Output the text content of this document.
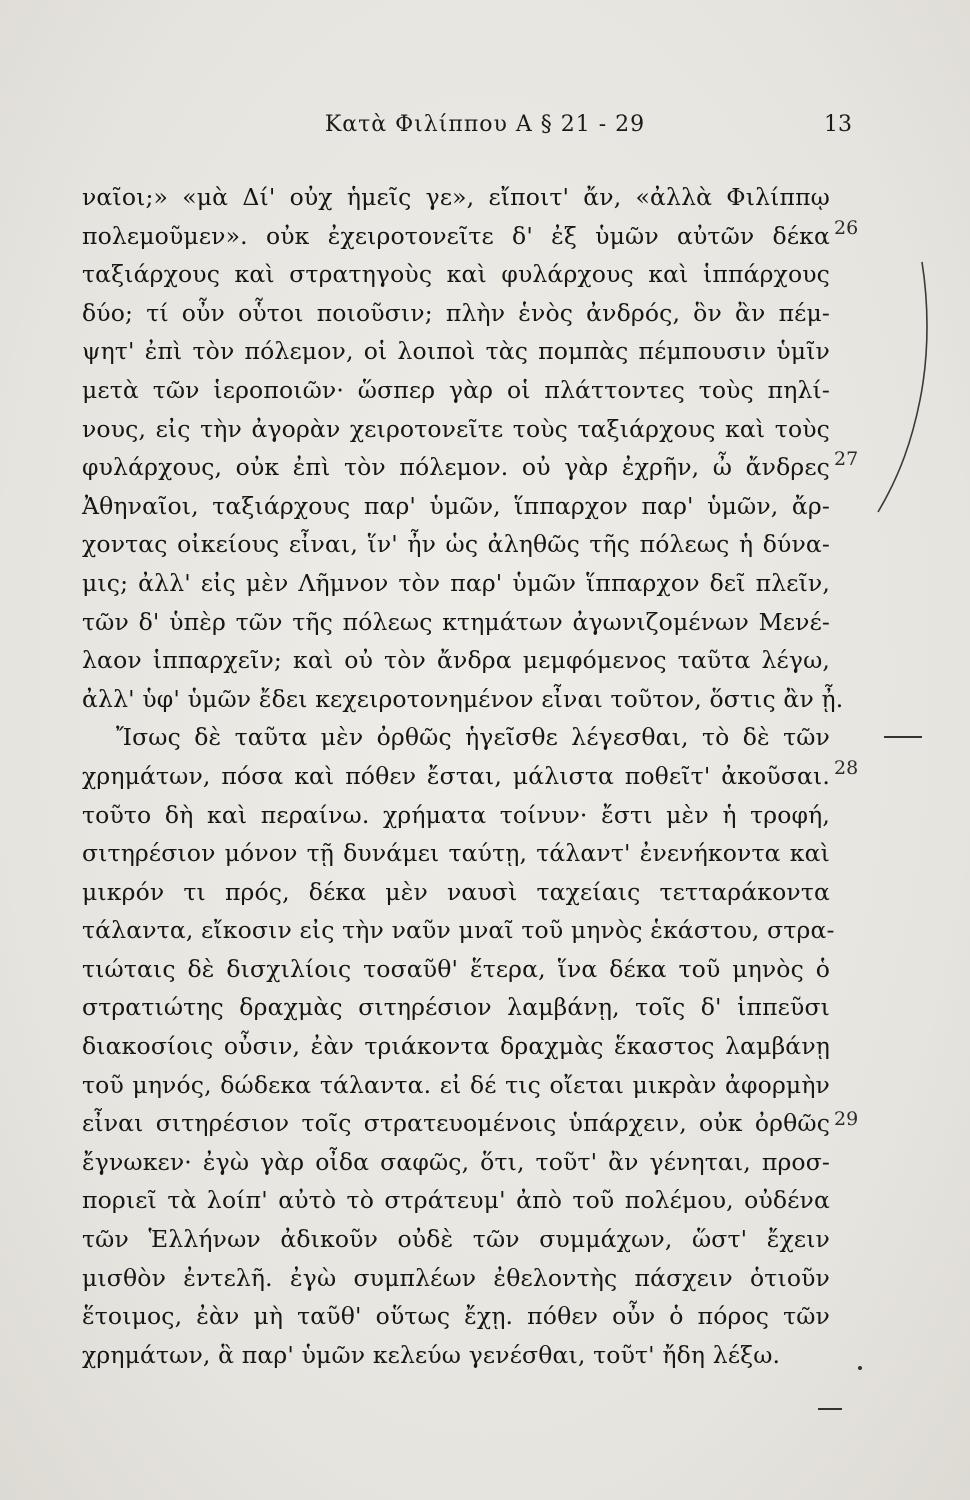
Κατὰ Φιλίππου Α § 21 - 29	13
ναῖοι;» «μὰ Δί' οὐχ ἡμεῖς γε», εἴποιτ' ἄν, «ἀλλὰ Φιλίππῳ
πολεμοῦμεν». οὐκ ἐχειροτονεῖτε δ' ἐξ ὑμῶν αὐτῶν δέκα
ταξιάρχους καὶ στρατηγοὺς καὶ φυλάρχους καὶ ἱππάρχους
δύο; τί οὖν οὗτοι ποιοῦσιν; πλὴν ἑνὸς ἀνδρός, ὃν ἂν πέμ-
ψητ' ἐπὶ τὸν πόλεμον, οἱ λοιποὶ τὰς πομπὰς πέμπουσιν ὑμῖν
μετὰ τῶν ἱεροποιῶν· ὥσπερ γὰρ οἱ πλάττοντες τοὺς πηλί-
νους, εἰς τὴν ἀγορὰν χειροτονεῖτε τοὺς ταξιάρχους καὶ τοὺς
φυλάρχους, οὐκ ἐπὶ τὸν πόλεμον. οὐ γὰρ ἐχρῆν, ὦ ἄνδρες
Ἀθηναῖοι, ταξιάρχους παρ' ὑμῶν, ἵππαρχον παρ' ὑμῶν, ἄρ-
χοντας οἰκείους εἶναι, ἵν' ἦν ὡς ἀληθῶς τῆς πόλεως ἡ δύνα-
μις; ἀλλ' εἰς μὲν Λῆμνον τὸν παρ' ὑμῶν ἵππαρχον δεῖ πλεῖν,
τῶν δ' ὑπὲρ τῶν τῆς πόλεως κτημάτων ἀγωνιζομένων Μενέ-
λαον ἱππαρχεῖν; καὶ οὐ τὸν ἄνδρα μεμφόμενος ταῦτα λέγω,
ἀλλ' ὑφ' ὑμῶν ἔδει κεχειροτονημένον εἶναι τοῦτον, ὅστις ἂν ᾖ.
Ἴσως δὲ ταῦτα μὲν ὀρθῶς ἡγεῖσθε λέγεσθαι, τὸ δὲ τῶν
χρημάτων, πόσα καὶ πόθεν ἔσται, μάλιστα ποθεῖτ' ἀκοῦσαι.
τοῦτο δὴ καὶ περαίνω. χρήματα τοίνυν· ἔστι μὲν ἡ τροφή,
σιτηρέσιον μόνον τῇ δυνάμει ταύτῃ, τάλαντ' ἐνενήκοντα καὶ
μικρόν τι πρός, δέκα μὲν ναυσὶ ταχείαις τετταράκοντα
τάλαντα, εἴκοσιν εἰς τὴν ναῦν μναῖ τοῦ μηνὸς ἑκάστου, στρα-
τιώταις δὲ δισχιλίοις τοσαῦθ' ἕτερα, ἵνα δέκα τοῦ μηνὸς ὁ
στρατιώτης δραχμὰς σιτηρέσιον λαμβάνῃ, τοῖς δ' ἱππεῦσι
διακοσίοις οὖσιν, ἐὰν τριάκοντα δραχμὰς ἕκαστος λαμβάνῃ
τοῦ μηνός, δώδεκα τάλαντα. εἰ δέ τις οἴεται μικρὰν ἀφορμὴν
εἶναι σιτηρέσιον τοῖς στρατευομένοις ὑπάρχειν, οὐκ ὀρθῶς
ἔγνωκεν· ἐγὼ γὰρ οἶδα σαφῶς, ὅτι, τοῦτ' ἂν γένηται, προσ-
ποριεῖ τὰ λοίπ' αὐτὸ τὸ στράτευμ' ἀπὸ τοῦ πολέμου, οὐδένα
τῶν Ἑλλήνων ἀδικοῦν οὐδὲ τῶν συμμάχων, ὥστ' ἔχειν
μισθὸν ἐντελῆ. ἐγὼ συμπλέων ἐθελοντὴς πάσχειν ὁτιοῦν
ἕτοιμος, ἐὰν μὴ ταῦθ' οὕτως ἔχῃ. πόθεν οὖν ὁ πόρος τῶν
χρημάτων, ἃ παρ' ὑμῶν κελεύω γενέσθαι, τοῦτ' ἤδη λέξω.
26
27
28
29
